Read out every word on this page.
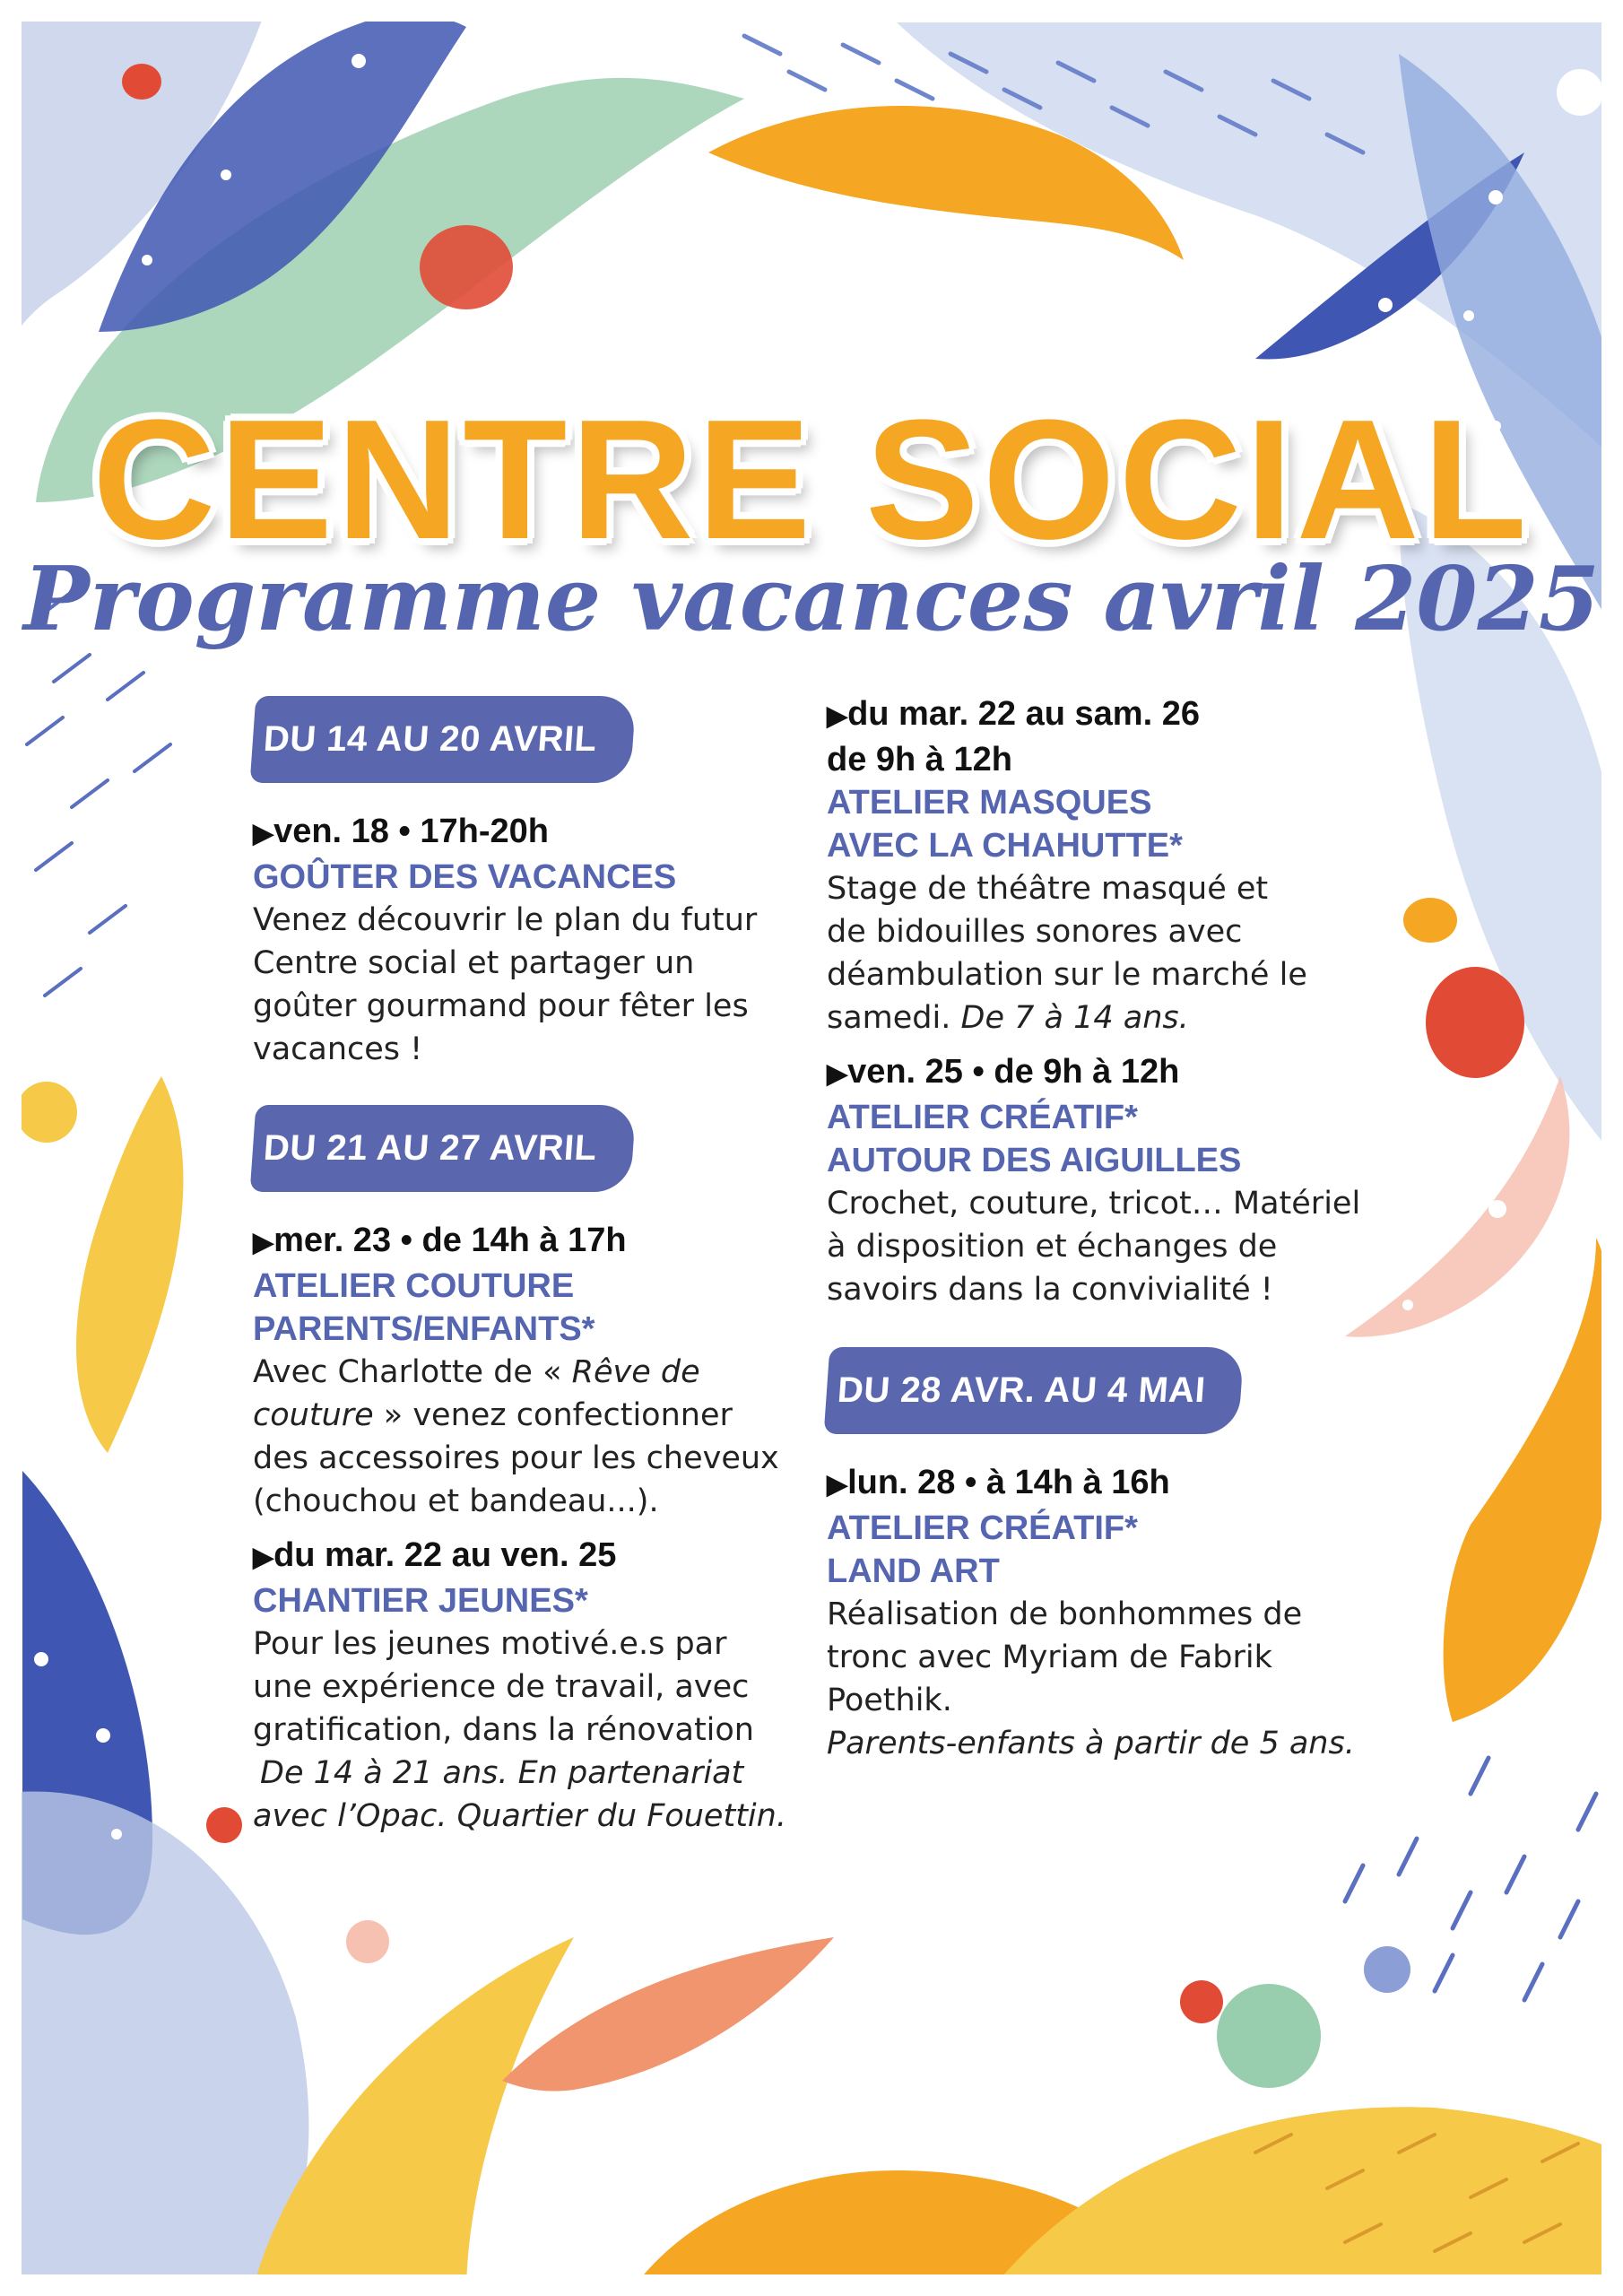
CENTRE SOCIAL
Programme vacances avril 2025
DU 14 AU 20 AVRIL
▶ven. 18 • 17h-20h
GOÛTER DES VACANCES
Venez découvrir le plan du futur
Centre social et partager un
goûter gourmand pour fêter les
vacances !
DU 21 AU 27 AVRIL
▶mer. 23 • de 14h à 17h
ATELIER COUTURE
PARENTS/ENFANTS*
Avec Charlotte de « Rêve de
couture » venez confectionner
des accessoires pour les cheveux
(chouchou et bandeau...).
▶du mar. 22 au ven. 25
CHANTIER JEUNES*
Pour les jeunes motivé.e.s par
une expérience de travail, avec
gratification, dans la rénovation
De 14 à 21 ans. En partenariat
avec l’Opac. Quartier du Fouettin.
▶du mar. 22 au sam. 26
de 9h à 12h
ATELIER MASQUES
AVEC LA CHAHUTTE*
Stage de théâtre masqué et
de bidouilles sonores avec
déambulation sur le marché le
samedi. De 7 à 14 ans.
▶ven. 25 • de 9h à 12h
ATELIER CRÉATIF*
AUTOUR DES AIGUILLES
Crochet, couture, tricot… Matériel
à disposition et échanges de
savoirs dans la convivialité !
DU 28 AVR. AU 4 MAI
▶lun. 28 • à 14h à 16h
ATELIER CRÉATIF*
LAND ART
Réalisation de bonhommes de
tronc avec Myriam de Fabrik
Poethik.
Parents-enfants à partir de 5 ans.
